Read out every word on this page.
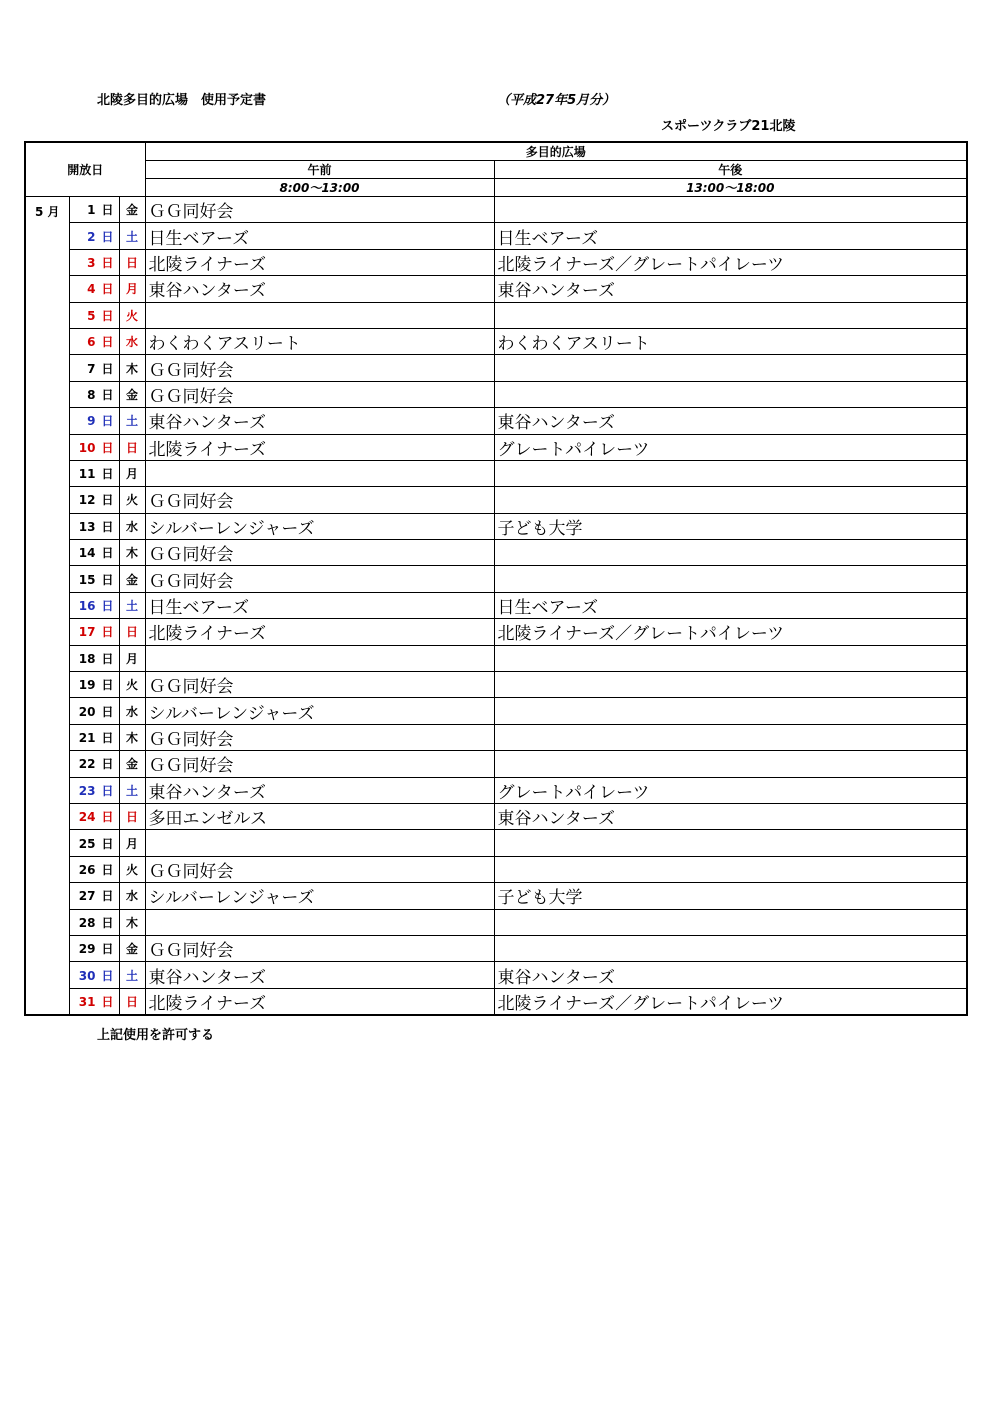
北陵多目的広場　使用予定書	（平成27年5月分）
スポーツクラブ21北陵
開放日			多目的広場	
			午前	午後
			8:00～13:00	13:00～18:00
5 月	1 日	金	ＧＧ同好会	
	2 日	土	日生ベアーズ	日生ベアーズ
	3 日	日	北陵ライナーズ	北陵ライナーズ／グレートパイレーツ
	4 日	月	東谷ハンターズ	東谷ハンターズ
	5 日	火		
	6 日	水	わくわくアスリート	わくわくアスリート
	7 日	木	ＧＧ同好会	
	8 日	金	ＧＧ同好会	
	9 日	土	東谷ハンターズ	東谷ハンターズ
	10 日	日	北陵ライナーズ	グレートパイレーツ
	11 日	月		
	12 日	火	ＧＧ同好会	
	13 日	水	シルバーレンジャーズ	子ども大学
	14 日	木	ＧＧ同好会	
	15 日	金	ＧＧ同好会	
	16 日	土	日生ベアーズ	日生ベアーズ
	17 日	日	北陵ライナーズ	北陵ライナーズ／グレートパイレーツ
	18 日	月		
	19 日	火	ＧＧ同好会	
	20 日	水	シルバーレンジャーズ	
	21 日	木	ＧＧ同好会	
	22 日	金	ＧＧ同好会	
	23 日	土	東谷ハンターズ	グレートパイレーツ
	24 日	日	多田エンゼルス	東谷ハンターズ
	25 日	月		
	26 日	火	ＧＧ同好会	
	27 日	水	シルバーレンジャーズ	子ども大学
	28 日	木		
	29 日	金	ＧＧ同好会	
	30 日	土	東谷ハンターズ	東谷ハンターズ
	31 日	日	北陵ライナーズ	北陵ライナーズ／グレートパイレーツ
上記使用を許可する
